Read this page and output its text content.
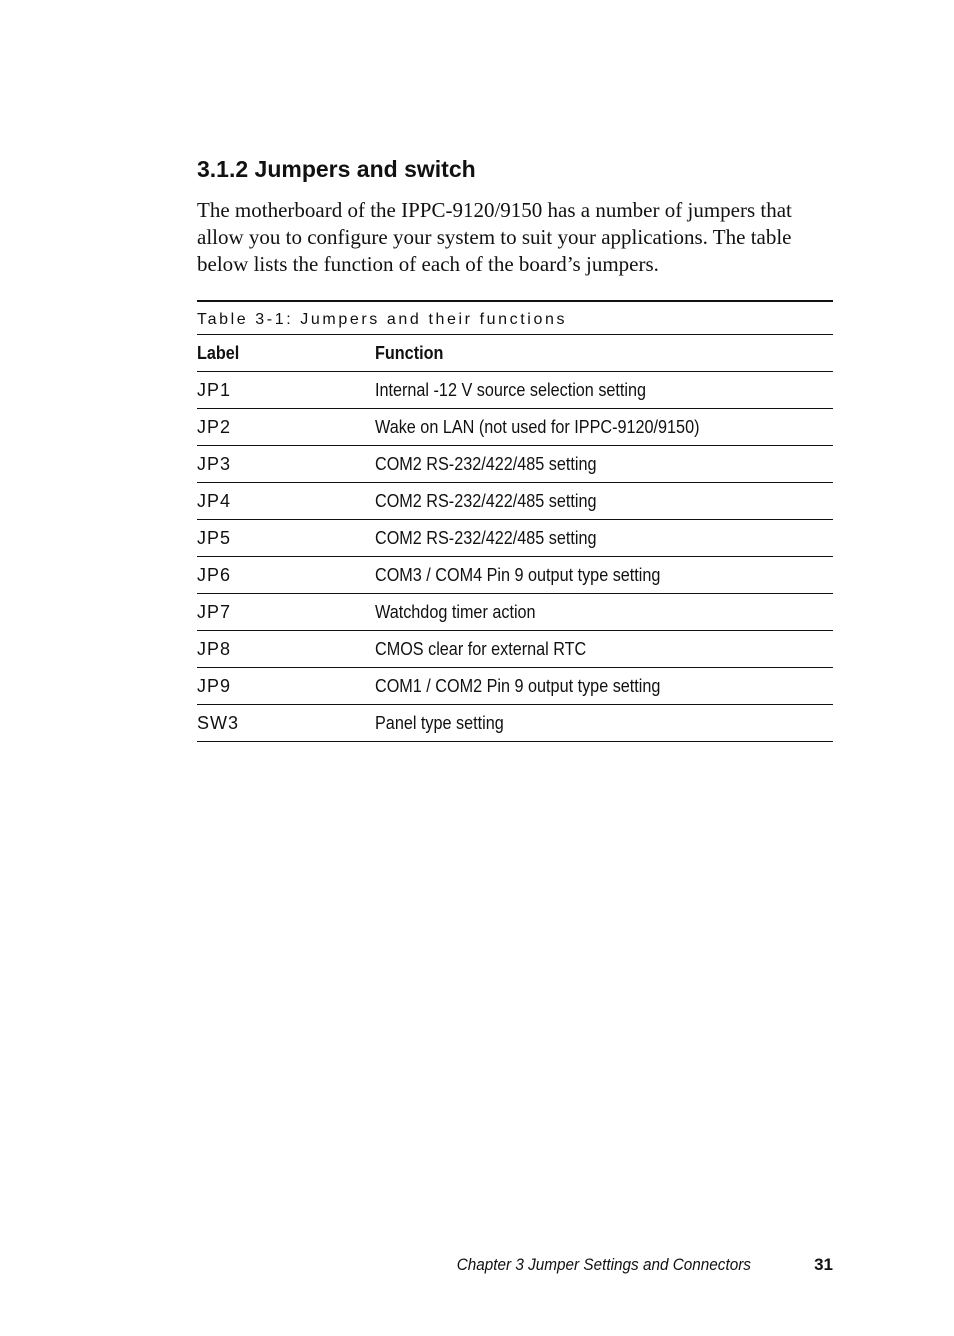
3.1.2 Jumpers and switch

The motherboard of the IPPC-9120/9150 has a number of jumpers that allow you to configure your system to suit your applications. The table below lists the function of each of the board’s jumpers.

Table 3-1: Jumpers and their functions
Label	Function
JP1	Internal -12 V source selection setting
JP2	Wake on LAN (not used for IPPC-9120/9150)
JP3	COM2 RS-232/422/485 setting
JP4	COM2 RS-232/422/485 setting
JP5	COM2 RS-232/422/485 setting
JP6	COM3 / COM4 Pin 9 output type setting
JP7	Watchdog timer action
JP8	CMOS clear for external RTC
JP9	COM1 / COM2 Pin 9 output type setting
SW3	Panel type setting
Chapter 3 Jumper Settings and Connectors	31
